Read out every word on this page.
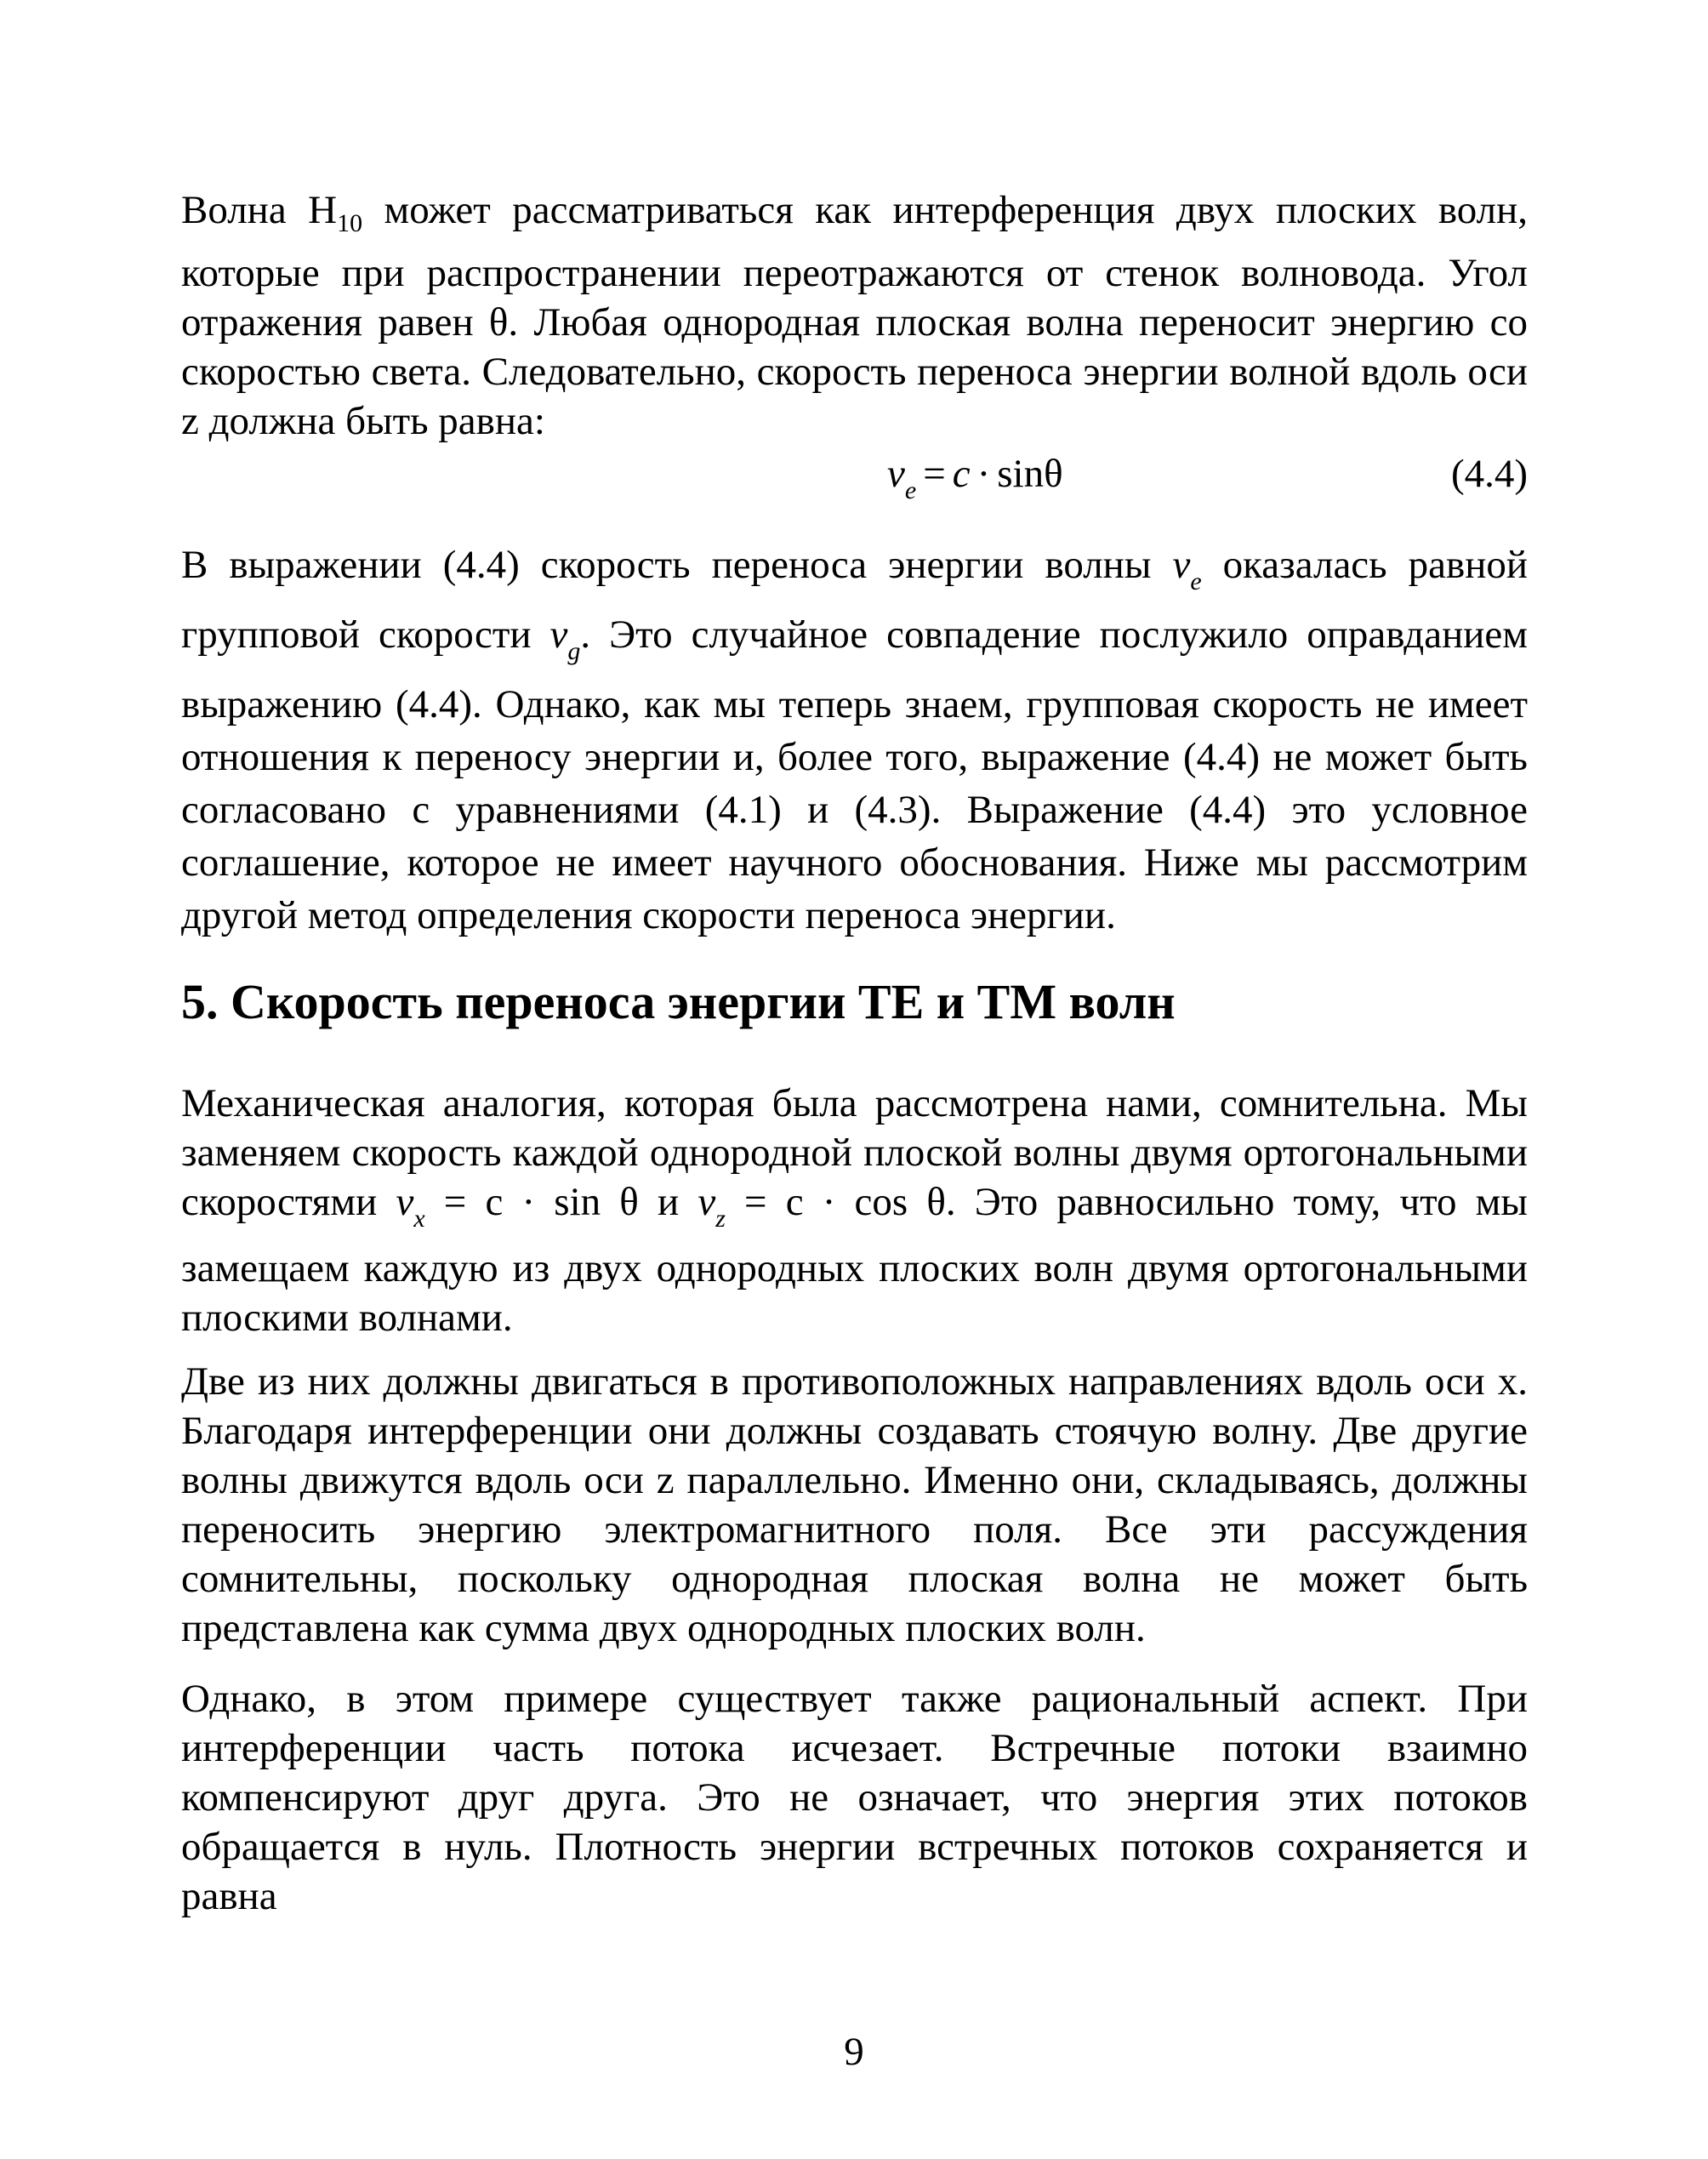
Волна $H_{10}$ может рассматриваться как интерференция двух плоских волн, которые при распространении переотражаются от стенок волновода. Угол отражения равен θ. Любая однородная плоская волна переносит энергию со скоростью света. Следовательно, скорость переноса энергии волной вдоль оси z должна быть равна:

$v_e = c \cdot \sin\theta$	(4.4)

В выражении (4.4) скорость переноса энергии волны $v_e$ оказалась равной групповой скорости $v_g$. Это случайное совпадение послужило оправданием выражению (4.4). Однако, как мы теперь знаем, групповая скорость не имеет отношения к переносу энергии и, более того, выражение (4.4) не может быть согласовано с уравнениями (4.1) и (4.3). Выражение (4.4) это условное соглашение, которое не имеет научного обоснования. Ниже мы рассмотрим другой метод определения скорости переноса энергии.

5. Скорость переноса энергии TE и TM волн

Механическая аналогия, которая была рассмотрена нами, сомнительна. Мы заменяем скорость каждой однородной плоской волны двумя ортогональными скоростями $v_x = c \cdot \sin \theta$ и $v_z = c \cdot \cos \theta$. Это равносильно тому, что мы замещаем каждую из двух однородных плоских волн двумя ортогональными плоскими волнами.

Две из них должны двигаться в противоположных направлениях вдоль оси x. Благодаря интерференции они должны создавать стоячую волну. Две другие волны движутся вдоль оси z параллельно. Именно они, складываясь, должны переносить энергию электромагнитного поля. Все эти рассуждения сомнительны, поскольку однородная плоская волна не может быть представлена как сумма двух однородных плоских волн.

Однако, в этом примере существует также рациональный аспект. При интерференции часть потока исчезает. Встречные потоки взаимно компенсируют друг друга. Это не означает, что энергия этих потоков обращается в нуль. Плотность энергии встречных потоков сохраняется и равна

9
